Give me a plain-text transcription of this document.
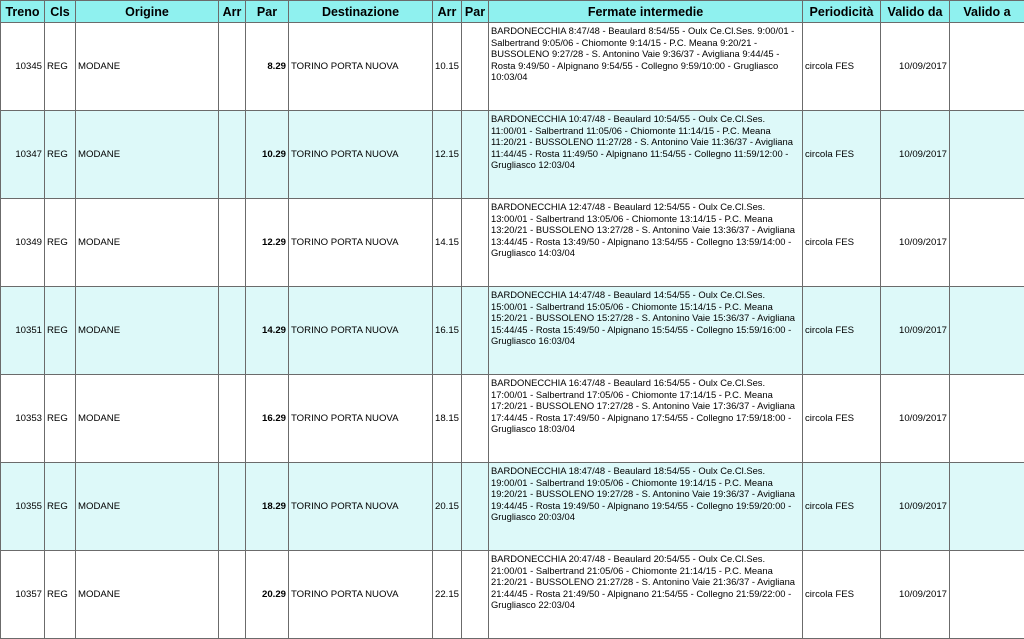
Treno	Cls	Origine	Arr	Par	Destinazione	Arr	Par	Fermate intermedie	Periodicità	Valido da	Valido a
10345	REG	MODANE		8.29	TORINO PORTA NUOVA	10.15		BARDONECCHIA 8:47/48 - Beaulard 8:54/55 - Oulx Ce.Cl.Ses. 9:00/01 - Salbertrand 9:05/06 - Chiomonte 9:14/15 - P.C. Meana 9:20/21 - BUSSOLENO 9:27/28 - S. Antonino Vaie 9:36/37 - Avigliana 9:44/45 - Rosta 9:49/50 - Alpignano 9:54/55 - Collegno 9:59/10:00 - Grugliasco 10:03/04	circola FES	10/09/2017	
10347	REG	MODANE		10.29	TORINO PORTA NUOVA	12.15		BARDONECCHIA 10:47/48 - Beaulard 10:54/55 - Oulx Ce.Cl.Ses. 11:00/01 - Salbertrand 11:05/06 - Chiomonte 11:14/15 - P.C. Meana 11:20/21 - BUSSOLENO 11:27/28 - S. Antonino Vaie 11:36/37 - Avigliana 11:44/45 - Rosta 11:49/50 - Alpignano 11:54/55 - Collegno 11:59/12:00 - Grugliasco 12:03/04	circola FES	10/09/2017	
10349	REG	MODANE		12.29	TORINO PORTA NUOVA	14.15		BARDONECCHIA 12:47/48 - Beaulard 12:54/55 - Oulx Ce.Cl.Ses. 13:00/01 - Salbertrand 13:05/06 - Chiomonte 13:14/15 - P.C. Meana 13:20/21 - BUSSOLENO 13:27/28 - S. Antonino Vaie 13:36/37 - Avigliana 13:44/45 - Rosta 13:49/50 - Alpignano 13:54/55 - Collegno 13:59/14:00 - Grugliasco 14:03/04	circola FES	10/09/2017	
10351	REG	MODANE		14.29	TORINO PORTA NUOVA	16.15		BARDONECCHIA 14:47/48 - Beaulard 14:54/55 - Oulx Ce.Cl.Ses. 15:00/01 - Salbertrand 15:05/06 - Chiomonte 15:14/15 - P.C. Meana 15:20/21 - BUSSOLENO 15:27/28 - S. Antonino Vaie 15:36/37 - Avigliana 15:44/45 - Rosta 15:49/50 - Alpignano 15:54/55 - Collegno 15:59/16:00 - Grugliasco 16:03/04	circola FES	10/09/2017	
10353	REG	MODANE		16.29	TORINO PORTA NUOVA	18.15		BARDONECCHIA 16:47/48 - Beaulard 16:54/55 - Oulx Ce.Cl.Ses. 17:00/01 - Salbertrand 17:05/06 - Chiomonte 17:14/15 - P.C. Meana 17:20/21 - BUSSOLENO 17:27/28 - S. Antonino Vaie 17:36/37 - Avigliana 17:44/45 - Rosta 17:49/50 - Alpignano 17:54/55 - Collegno 17:59/18:00 - Grugliasco 18:03/04	circola FES	10/09/2017	
10355	REG	MODANE		18.29	TORINO PORTA NUOVA	20.15		BARDONECCHIA 18:47/48 - Beaulard 18:54/55 - Oulx Ce.Cl.Ses. 19:00/01 - Salbertrand 19:05/06 - Chiomonte 19:14/15 - P.C. Meana 19:20/21 - BUSSOLENO 19:27/28 - S. Antonino Vaie 19:36/37 - Avigliana 19:44/45 - Rosta 19:49/50 - Alpignano 19:54/55 - Collegno 19:59/20:00 - Grugliasco 20:03/04	circola FES	10/09/2017	
10357	REG	MODANE		20.29	TORINO PORTA NUOVA	22.15		BARDONECCHIA 20:47/48 - Beaulard 20:54/55 - Oulx Ce.Cl.Ses. 21:00/01 - Salbertrand 21:05/06 - Chiomonte 21:14/15 - P.C. Meana 21:20/21 - BUSSOLENO 21:27/28 - S. Antonino Vaie 21:36/37 - Avigliana 21:44/45 - Rosta 21:49/50 - Alpignano 21:54/55 - Collegno 21:59/22:00 - Grugliasco 22:03/04	circola FES	10/09/2017	
